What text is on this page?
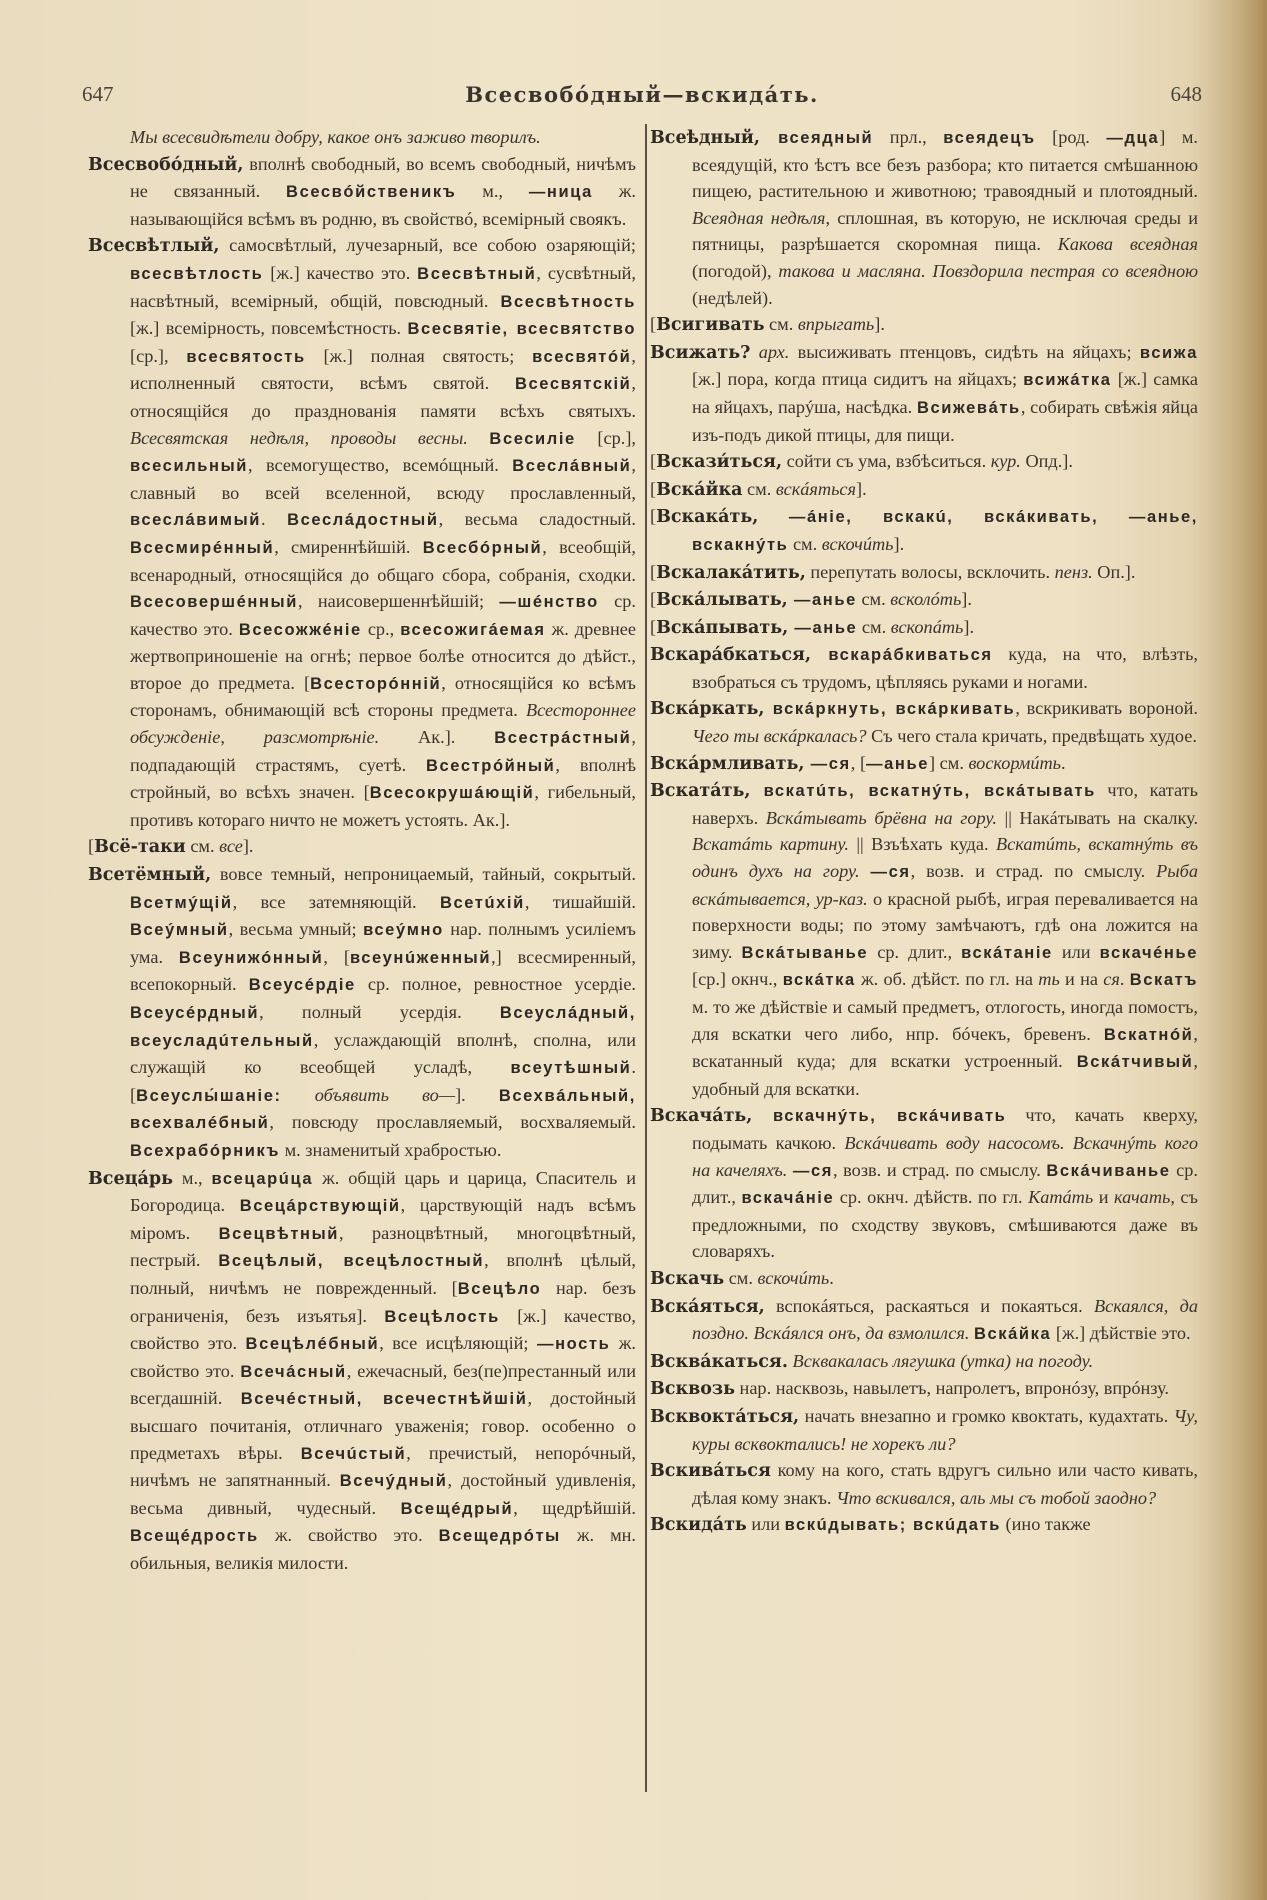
647	Всесвобóдный—вскидáть.	648

Мы всесвидѣтели добру, какое онъ заживо творилъ.

Всесвобóдный, вполнѣ свободный, во всемъ свободный, ничѣмъ не связанный. Всесвóйственикъ м., —ница ж. называющiйся всѣмъ въ родню, въ свойствó, всемiрный своякъ.

Всесвѣтлый, самосвѣтлый, лучезарный, все собою озаряющiй; всесвѣтлость [ж.] качество это. Всесвѣтный, сусвѣтный, насвѣтный, всемiрный, общiй, повсюдный. Всесвѣтность [ж.] всемiрность, повсемѣстность. Всесвятiе, всесвятство [ср.], всесвятость [ж.] полная святость; всесвятóй, исполненный святости, всѣмъ святой. Всесвятскiй, относящiйся до празднованiя памяти всѣхъ святыхъ. Всесвятская недѣля, проводы весны. Всесилiе [ср.], всесильный, всемогущество, всемóщный. Всеслáвный, славный во всей вселенной, всюду прославленный, всеслáвимый. Всеслáдостный, весьма сладостный. Всесмирéнный, смиреннѣйшiй. Всесбóрный, всеобщiй, всенародный, относящiйся до общаго сбора, собранiя, сходки. Всесовершéнный, наисовершеннѣйшiй; —шéнство ср. качество это. Всесожжéнiе ср., всесожигáемая ж. древнее жертвоприношенiе на огнѣ; первое болѣе относится до дѣйст., второе до предмета. [Всесторóннiй, относящiйся ко всѣмъ сторонамъ, обнимающiй всѣ стороны предмета. Всестороннее обсужденiе, разсмотрѣнiе. Ак.]. Всестрáстный, подпадающiй страстямъ, суетѣ. Всестрóйный, вполнѣ стройный, во всѣхъ значен. [Всесокрушáющiй, гибельный, противъ котораго ничто не можетъ устоять. Ак.].

[Всё-таки см. все].

Всетёмный, вовсе темный, непроницаемый, тайный, сокрытый. Всетмýщiй, все затемняющiй. Всетúхiй, тишайшiй. Всеýмный, весьма умный; всеýмно нар. полнымъ усилiемъ ума. Всеунижóнный, [всеунúженный,] всесмиренный, всепокорный. Всеусéрдiе ср. полное, ревностное усердiе. Всеусéрдный, полный усердiя. Всеуслáдный, всеусладúтельный, услаждающiй вполнѣ, сполна, или служащiй ко всеобщей усладѣ, всеутѣшный. [Всеуслы́шанiе: объявить во—]. Всехвáльный, всехвалéбный, повсюду прославляемый, восхваляемый. Всехрабóрникъ м. знаменитый храбростью.

Всецáрь м., всецарúца ж. общiй царь и царица, Спаситель и Богородица. Всецáрствующiй, царствующiй надъ всѣмъ мiромъ. Всецвѣтный, разноцвѣтный, многоцвѣтный, пестрый. Всецѣлый, всецѣлостный, вполнѣ цѣлый, полный, ничѣмъ не поврежденный. [Всецѣло нар. безъ ограниченiя, безъ изъятья]. Всецѣлость [ж.] качество, свойство это. Всецѣлéбный, все исцѣляющiй; —ность ж. свойство это. Всечáсный, ежечасный, без(пе)престанный или всегдашнiй. Всечéстный, всечестнѣйшiй, достойный высшаго почитанiя, отличнаго уваженiя; говор. особенно о предметахъ вѣры. Всечúстый, пречистый, непорóчный, ничѣмъ не запятнанный. Всечýдный, достойный удивленiя, весьма дивный, чудесный. Всещéдрый, щедрѣйшiй. Всещéдрость ж. свойство это. Всещедрóты ж. мн. обильныя, великiя милости.

Всеѣдный, всеядный прл., всеядецъ [род. —дца] м. всеядущiй, кто ѣстъ все безъ разбора; кто питается смѣшанною пищею, растительною и животною; травоядный и плотоядный. Всеядная недѣля, сплошная, въ которую, не исключая среды и пятницы, разрѣшается скоромная пища. Какова всеядная (погодой), такова и масляна. Повздорила пестрая со всеядною (недѣлей).

[Всигивать см. впрыгать].

Всижать? арх. высиживать птенцовъ, сидѣть на яйцахъ; всижа [ж.] пора, когда птица сидитъ на яйцахъ; всижáтка [ж.] самка на яйцахъ, парýша, насѣдка. Всижевáть, собирать свѣжiя яйца изъ-подъ дикой птицы, для пищи.

[Вскази́ться, сойти съ ума, взбѣситься. кур. Опд.].

[Вскáйка см. вскáяться].

[Вскакáть, —áнiе, вскакú, вскáкивать, —анье, вскакнýть см. вскочúть].

[Вскалакáтить, перепутать волосы, всклочить. пенз. Оп.].

[Вскáлывать, —анье см. всколóть].

[Вскáпывать, —анье см. вскопáть].

Вскарáбкаться, вскарáбкиваться куда, на что, влѣзть, взобраться съ трудомъ, цѣпляясь руками и ногами.

Вскáркать, вскáркнуть, вскáркивать, вскрикивать вороной. Чего ты вскáркалась? Съ чего стала кричать, предвѣщать худое.

Вскáрмливать, —ся, [—анье] см. воскормúть.

Вскатáть, вскатúть, вскатнýть, вскáтывать что, катать наверхъ. Вскáтывать брёвна на гору. || Накáтывать на скалку. Вскатáть картину. || Взъѣхать куда. Вскатúть, вскатнýть въ одинъ духъ на гору. —ся, возв. и страд. по смыслу. Рыба вскáтывается, ур-каз. о красной рыбѣ, играя переваливается на поверхности воды; по этому замѣчаютъ, гдѣ она ложится на зиму. Вскáтыванье ср. длит., вскáтанiе или вскачéнье [ср.] окнч., вскáтка ж. об. дѣйст. по гл. на ть и на ся. Вскатъ м. то же дѣйствiе и самый предметъ, отлогость, иногда помостъ, для вскатки чего либо, нпр. бóчекъ, бревенъ. Вскатнóй, вскатанный куда; для вскатки устроенный. Вскáтчивый, удобный для вскатки.

Вскачáть, вскачнýть, вскáчивать что, качать кверху, подымать качкою. Вскáчивать воду насосомъ. Вскачнýть кого на качеляхъ. —ся, возв. и страд. по смыслу. Вскáчиванье ср. длит., вскачáнiе ср. окнч. дѣйств. по гл. Катáть и качать, съ предложными, по сходству звуковъ, смѣшиваются даже въ словаряхъ.

Вскачь см. вскочúть.

Вскáяться, вспокáяться, раскаяться и покаяться. Вскаялся, да поздно. Вскáялся онъ, да взмолился. Вскáйка [ж.] дѣйствiе это.

Всквáкаться. Всквакалась лягушка (утка) на погоду.

Всквозь нар. насквозь, навылетъ, напролетъ, впронóзу, впрóнзу.

Всквоктáться, начать внезапно и громко квоктать, кудахтать. Чу, куры всквоктались! не хорекъ ли?

Вскивáться кому на кого, стать вдругъ сильно или часто кивать, дѣлая кому знакъ. Что вскивался, аль мы съ тобой заодно?

Вскидáть или вскúдывать; вскúдать (ино также
